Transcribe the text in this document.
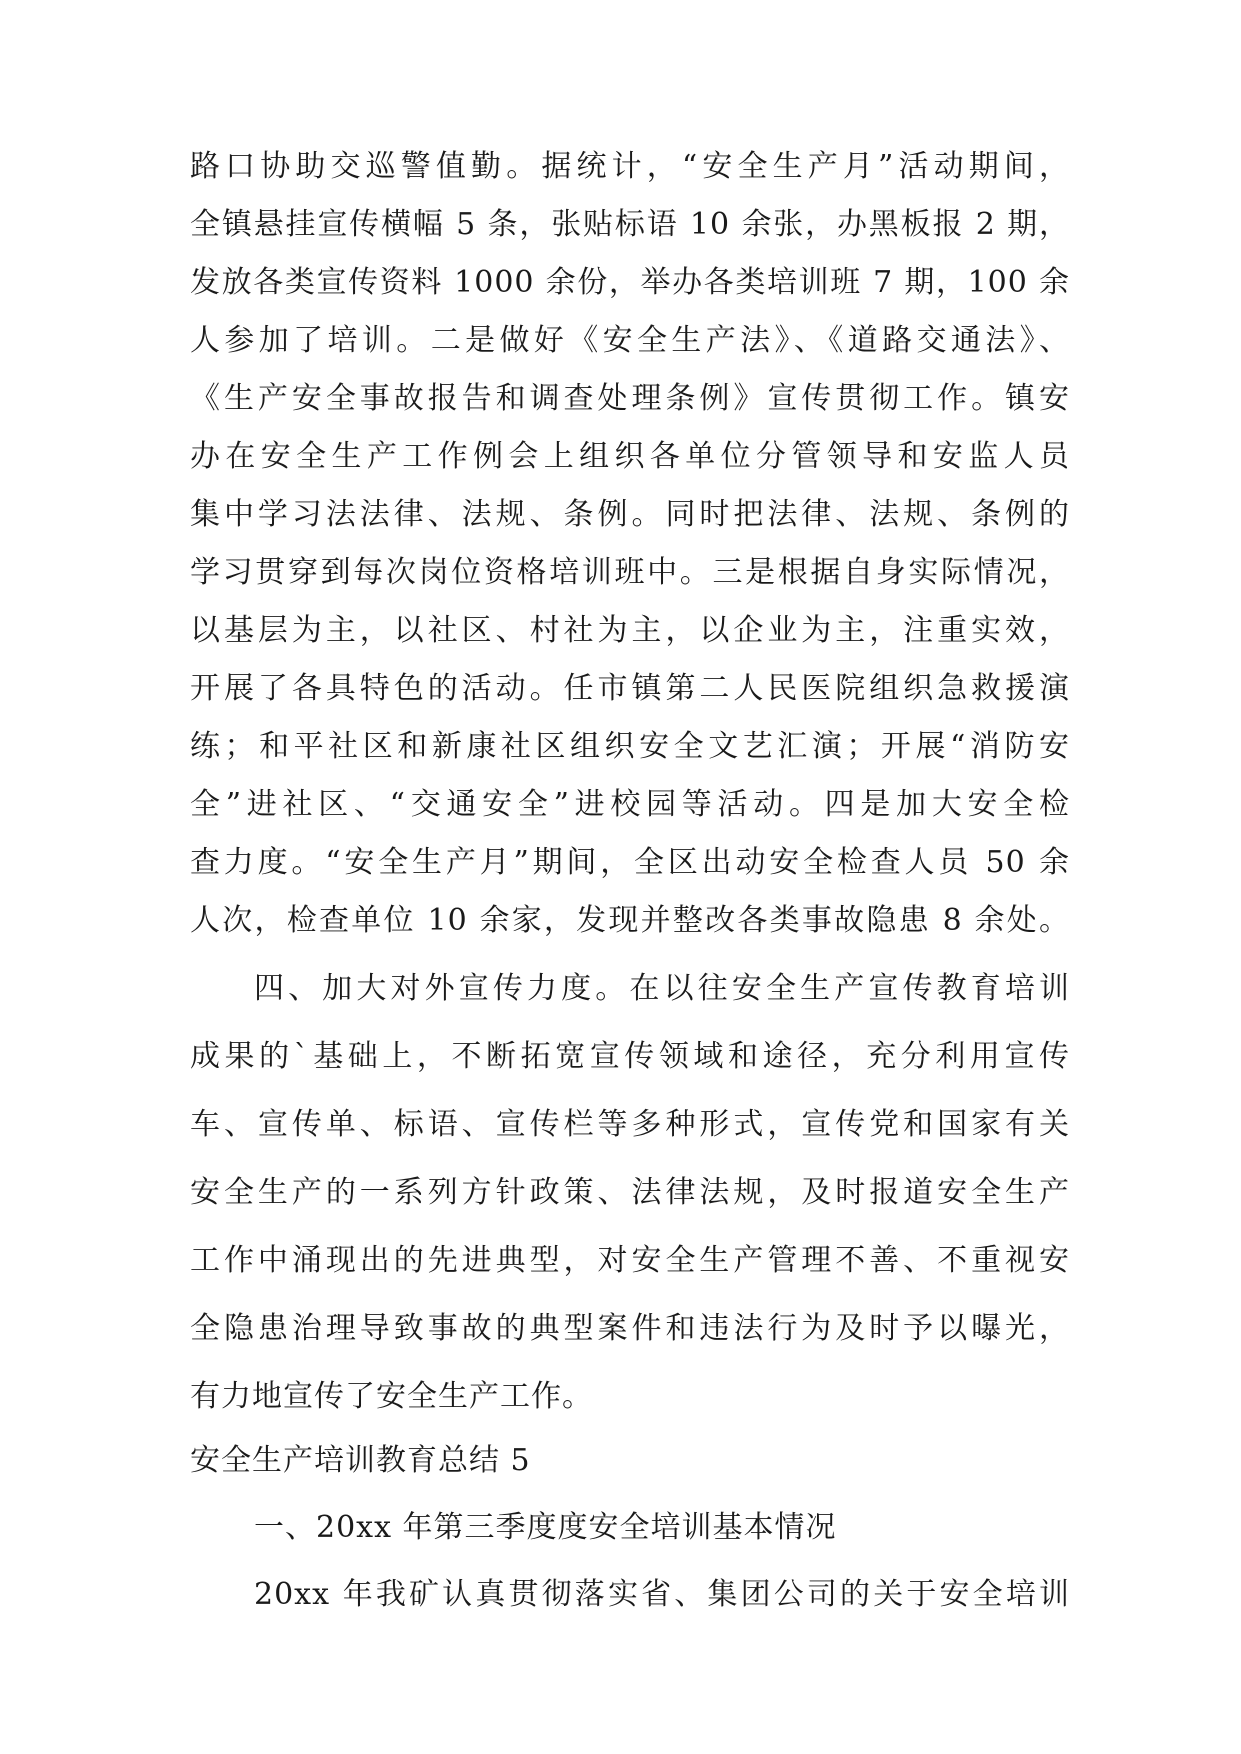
路口协助交巡警值勤。据统计，“安全生产月”活动期间，
全镇悬挂宣传横幅 5 条，张贴标语 10 余张，办黑板报 2 期，
发放各类宣传资料 1000 余份，举办各类培训班 7 期，100 余
人参加了培训。二是做好《安全生产法》、《道路交通法》、
《生产安全事故报告和调查处理条例》宣传贯彻工作。镇安
办在安全生产工作例会上组织各单位分管领导和安监人员
集中学习法法律、法规、条例。同时把法律、法规、条例的
学习贯穿到每次岗位资格培训班中。三是根据自身实际情况，
以基层为主，以社区、村社为主，以企业为主，注重实效，
开展了各具特色的活动。任市镇第二人民医院组织急救援演
练；和平社区和新康社区组织安全文艺汇演；开展“消防安
全”进社区、“交通安全”进校园等活动。四是加大安全检
查力度。“安全生产月”期间，全区出动安全检查人员 50 余
人次，检查单位 10 余家，发现并整改各类事故隐患 8 余处。
四、加大对外宣传力度。在以往安全生产宣传教育培训
成果的`基础上，不断拓宽宣传领域和途径，充分利用宣传
车、宣传单、标语、宣传栏等多种形式，宣传党和国家有关
安全生产的一系列方针政策、法律法规，及时报道安全生产
工作中涌现出的先进典型，对安全生产管理不善、不重视安
全隐患治理导致事故的典型案件和违法行为及时予以曝光，
有力地宣传了安全生产工作。
安全生产培训教育总结 5
一、20xx 年第三季度度安全培训基本情况
20xx 年我矿认真贯彻落实省、集团公司的关于安全培训
